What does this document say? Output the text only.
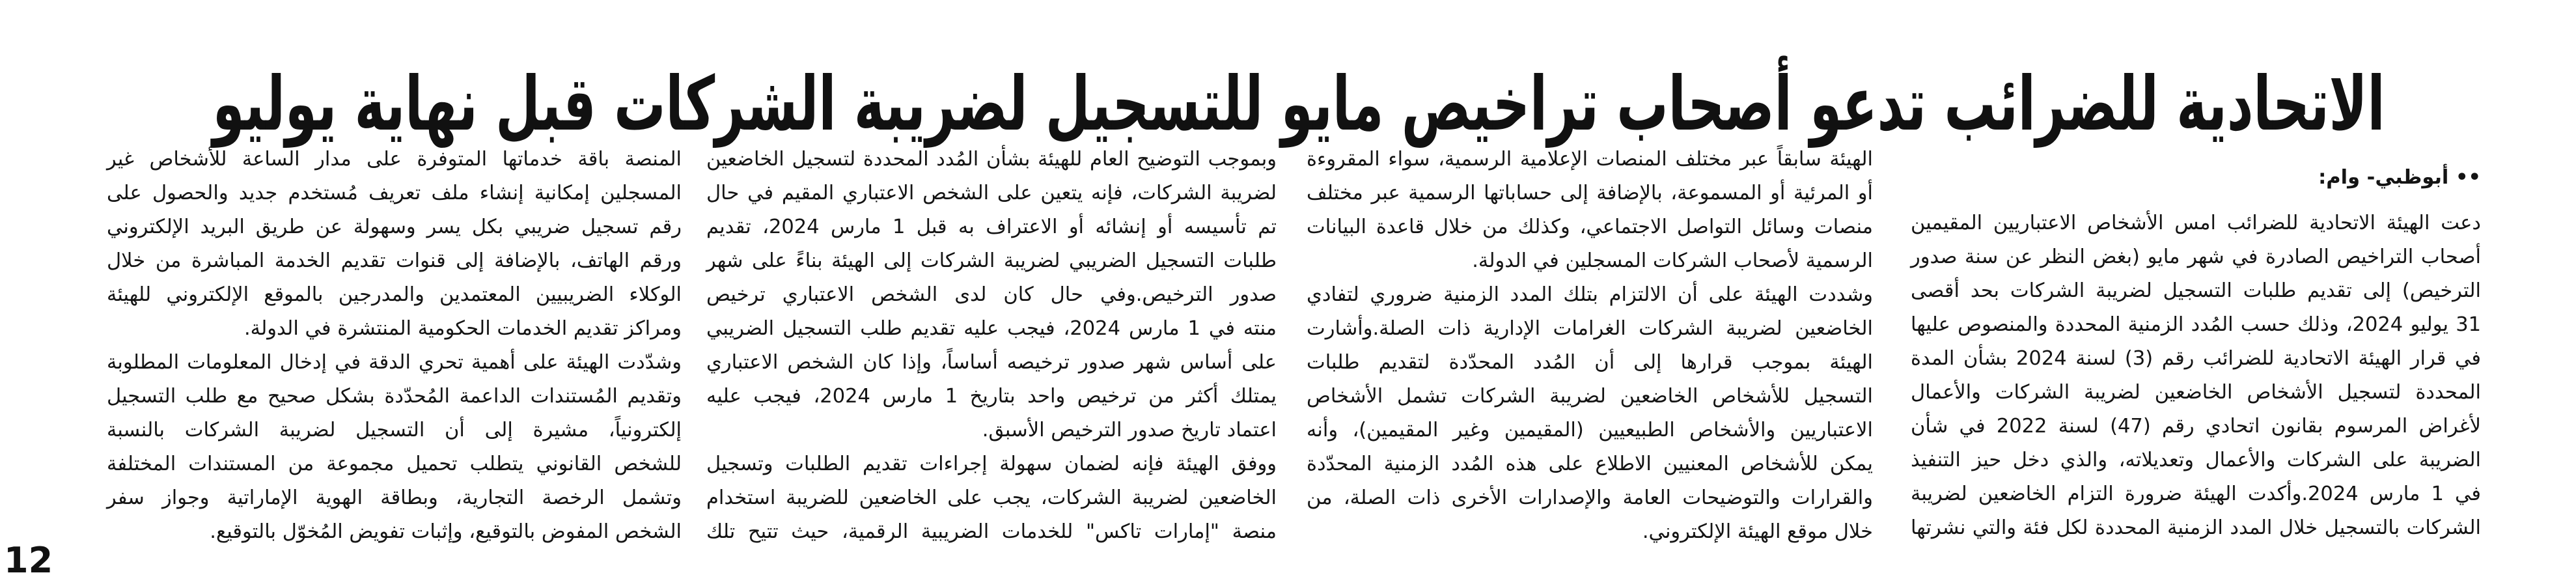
الاتحادية للضرائب تدعو أصحاب تراخيص مايو للتسجيل لضريبة الشركات قبل نهاية يوليو
•• أبوظبي- وام:
دعت الهيئة الاتحادية للضرائب امس الأشخاص الاعتباريين المقيمين
أصحاب التراخيص الصادرة في شهر مايو (بغض النظر عن سنة صدور
الترخيص) إلى تقديم طلبات التسجيل لضريبة الشركات بحد أقصى
31 يوليو 2024، وذلك حسب المُدد الزمنية المحددة والمنصوص عليها
في قرار الهيئة الاتحادية للضرائب رقم (3) لسنة 2024 بشأن المدة
المحددة لتسجيل الأشخاص الخاضعين لضريبة الشركات والأعمال
لأغراض المرسوم بقانون اتحادي رقم (47) لسنة 2022 في شأن
الضريبة على الشركات والأعمال وتعديلاته، والذي دخل حيز التنفيذ
في 1 مارس 2024.وأكدت الهيئة ضرورة التزام الخاضعين لضريبة
الشركات بالتسجيل خلال المدد الزمنية المحددة لكل فئة والتي نشرتها
الهيئة سابقاً عبر مختلف المنصات الإعلامية الرسمية، سواء المقروءة
أو المرئية أو المسموعة، بالإضافة إلى حساباتها الرسمية عبر مختلف
منصات وسائل التواصل الاجتماعي، وكذلك من خلال قاعدة البيانات
الرسمية لأصحاب الشركات المسجلين في الدولة.
وشددت الهيئة على أن الالتزام بتلك المدد الزمنية ضروري لتفادي
الخاضعين لضريبة الشركات الغرامات الإدارية ذات الصلة.وأشارت
الهيئة بموجب قرارها إلى أن المُدد المحدّدة لتقديم طلبات
التسجيل للأشخاص الخاضعين لضريبة الشركات تشمل الأشخاص
الاعتباريين والأشخاص الطبيعيين (المقيمين وغير المقيمين)، وأنه
يمكن للأشخاص المعنيين الاطلاع على هذه المُدد الزمنية المحدّدة
والقرارات والتوضيحات العامة والإصدارات الأخرى ذات الصلة، من
خلال موقع الهيئة الإلكتروني.
وبموجب التوضيح العام للهيئة بشأن المُدد المحددة لتسجيل الخاضعين
لضريبة الشركات، فإنه يتعين على الشخص الاعتباري المقيم في حال
تم تأسيسه أو إنشائه أو الاعتراف به قبل 1 مارس 2024، تقديم
طلبات التسجيل الضريبي لضريبة الشركات إلى الهيئة بناءً على شهر
صدور الترخيص.وفي حال كان لدى الشخص الاعتباري ترخيص
منته في 1 مارس 2024، فيجب عليه تقديم طلب التسجيل الضريبي
على أساس شهر صدور ترخيصه أساساً، وإذا كان الشخص الاعتباري
يمتلك أكثر من ترخيص واحد بتاريخ 1 مارس 2024، فيجب عليه
اعتماد تاريخ صدور الترخيص الأسبق.
ووفق الهيئة فإنه لضمان سهولة إجراءات تقديم الطلبات وتسجيل
الخاضعين لضريبة الشركات، يجب على الخاضعين للضريبة استخدام
منصة "إمارات تاكس" للخدمات الضريبية الرقمية، حيث تتيح تلك
المنصة باقة خدماتها المتوفرة على مدار الساعة للأشخاص غير
المسجلين إمكانية إنشاء ملف تعريف مُستخدم جديد والحصول على
رقم تسجيل ضريبي بكل يسر وسهولة عن طريق البريد الإلكتروني
ورقم الهاتف، بالإضافة إلى قنوات تقديم الخدمة المباشرة من خلال
الوكلاء الضريبيين المعتمدين والمدرجين بالموقع الإلكتروني للهيئة
ومراكز تقديم الخدمات الحكومية المنتشرة في الدولة.
وشدّدت الهيئة على أهمية تحري الدقة في إدخال المعلومات المطلوبة
وتقديم المُستندات الداعمة المُحدّدة بشكل صحيح مع طلب التسجيل
إلكترونياً، مشيرة إلى أن التسجيل لضريبة الشركات بالنسبة
للشخص القانوني يتطلب تحميل مجموعة من المستندات المختلفة
وتشمل الرخصة التجارية، وبطاقة الهوية الإماراتية وجواز سفر
الشخص المفوض بالتوقيع، وإثبات تفويض المُخوّل بالتوقيع.
12
